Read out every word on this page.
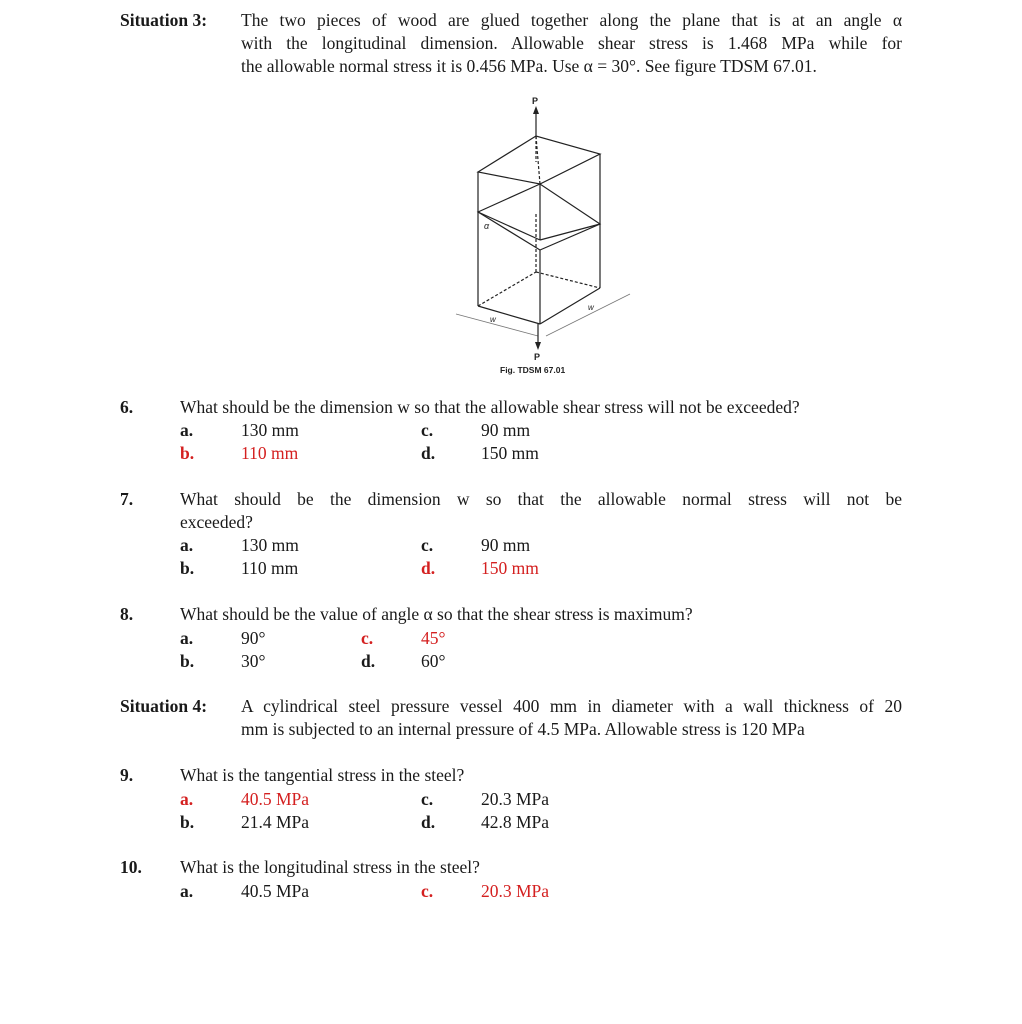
Situation 3: The two pieces of wood are glued together along the plane that is at an angle α
with the longitudinal dimension. Allowable shear stress is 1.468 MPa while for
the allowable normal stress it is 0.456 MPa. Use α = 30°. See figure TDSM 67.01.
P
P
α
w
w
Fig. TDSM 67.01
6.	What should be the dimension w so that the allowable shear stress will not be exceeded?
a.	130 mm	c.	90 mm
b.	110 mm	d.	150 mm
7.	What should be the dimension w so that the allowable normal stress will not be
exceeded?
a.	130 mm	c.	90 mm
b.	110 mm	d.	150 mm
8.	What should be the value of angle α so that the shear stress is maximum?
a.	90°	c.	45°
b.	30°	d.	60°
Situation 4: A cylindrical steel pressure vessel 400 mm in diameter with a wall thickness of 20
mm is subjected to an internal pressure of 4.5 MPa. Allowable stress is 120 MPa
9.	What is the tangential stress in the steel?
a.	40.5 MPa	c.	20.3 MPa
b.	21.4 MPa	d.	42.8 MPa
10. What is the longitudinal stress in the steel?
a.	40.5 MPa	c.	20.3 MPa
